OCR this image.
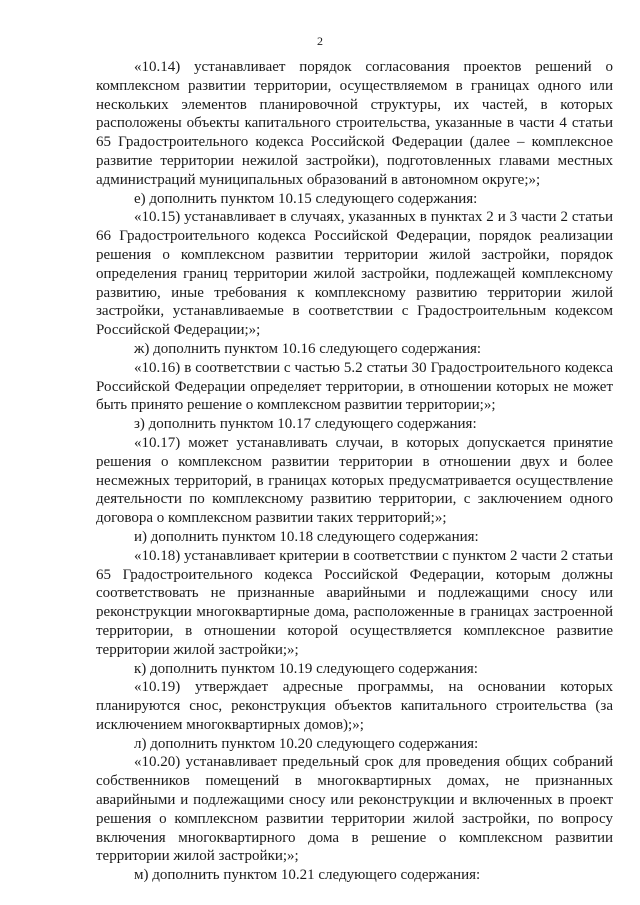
2

«10.14) устанавливает порядок согласования проектов решений о комплексном развитии территории, осуществляемом в границах одного или нескольких элементов планировочной структуры, их частей, в которых расположены объекты капитального строительства, указанные в части 4 статьи 65 Градостроительного кодекса Российской Федерации (далее – комплексное развитие территории нежилой застройки), подготовленных главами местных администраций муниципальных образований в автономном округе;»;

е) дополнить пунктом 10.15 следующего содержания:

«10.15) устанавливает в случаях, указанных в пунктах 2 и 3 части 2 статьи 66 Градостроительного кодекса Российской Федерации, порядок реализации решения о комплексном развитии территории жилой застройки, порядок определения границ территории жилой застройки, подлежащей комплексному развитию, иные требования к комплексному развитию территории жилой застройки, устанавливаемые в соответствии с Градостроительным кодексом Российской Федерации;»;

ж) дополнить пунктом 10.16 следующего содержания:

«10.16) в соответствии с частью 5.2 статьи 30 Градостроительного кодекса Российской Федерации определяет территории, в отношении которых не может быть принято решение о комплексном развитии территории;»;

з) дополнить пунктом 10.17 следующего содержания:

«10.17) может устанавливать случаи, в которых допускается принятие решения о комплексном развитии территории в отношении двух и более несмежных территорий, в границах которых предусматривается осуществление деятельности по комплексному развитию территории, с заключением одного договора о комплексном развитии таких территорий;»;

и) дополнить пунктом 10.18 следующего содержания:

«10.18) устанавливает критерии в соответствии с пунктом 2 части 2 статьи 65 Градостроительного кодекса Российской Федерации, которым должны соответствовать не признанные аварийными и подлежащими сносу или реконструкции многоквартирные дома, расположенные в границах застроенной территории, в отношении которой осуществляется комплексное развитие территории жилой застройки;»;

к) дополнить пунктом 10.19 следующего содержания:

«10.19) утверждает адресные программы, на основании которых планируются снос, реконструкция объектов капитального строительства (за исключением многоквартирных домов);»;

л) дополнить пунктом 10.20 следующего содержания:

«10.20) устанавливает предельный срок для проведения общих собраний собственников помещений в многоквартирных домах, не признанных аварийными и подлежащими сносу или реконструкции и включенных в проект решения о комплексном развитии территории жилой застройки, по вопросу включения многоквартирного дома в решение о комплексном развитии территории жилой застройки;»;

м) дополнить пунктом 10.21 следующего содержания:
